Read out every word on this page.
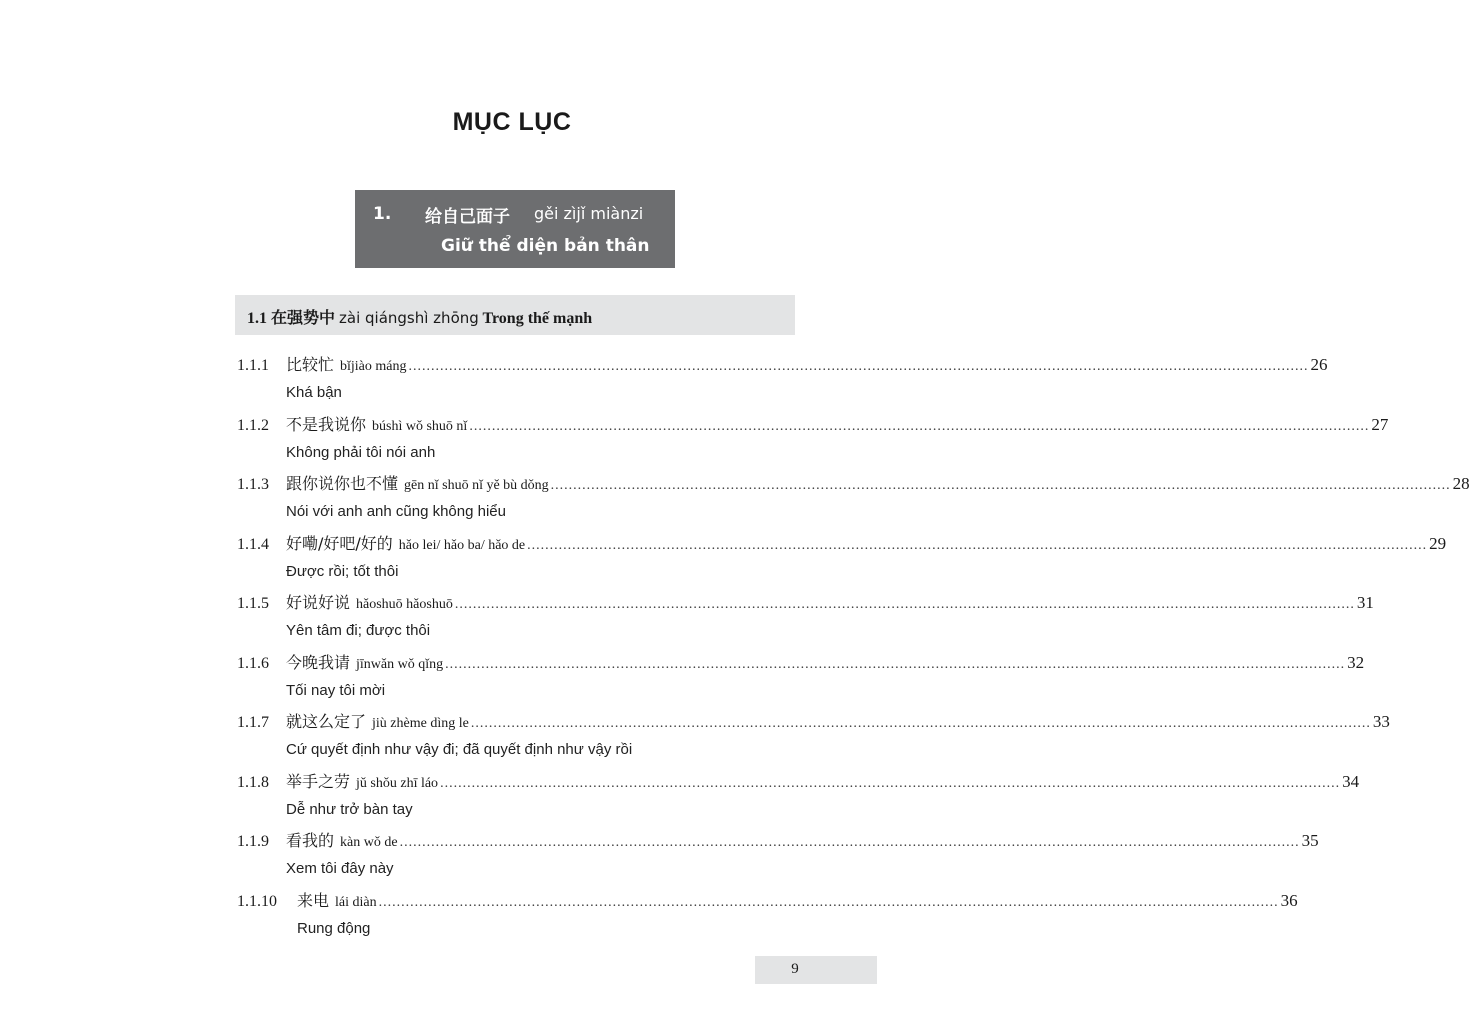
MỤC LỤC
1. 给自己面子 gěi zìjǐ miànzi
Giữ thể diện bản thân
1.1 在强势中 zài qiángshì zhōng Trong thế mạnh
1.1.1	比较忙 bǐjiào máng ........................................................................................................................................................................................................ 26
Khá bận
1.1.2	不是我说你 búshì wǒ shuō nǐ ........................................................................................................................................................................................................ 27
Không phải tôi nói anh
1.1.3	跟你说你也不懂 gēn nǐ shuō nǐ yě bù dǒng ........................................................................................................................................................................................................ 28
Nói với anh anh cũng không hiểu
1.1.4	好嘞/好吧/好的 hǎo lei/ hǎo ba/ hǎo de ........................................................................................................................................................................................................ 29
Được rồi; tốt thôi
1.1.5	好说好说 hǎoshuō hǎoshuō ........................................................................................................................................................................................................ 31
Yên tâm đi; được thôi
1.1.6	今晚我请 jīnwǎn wǒ qǐng ........................................................................................................................................................................................................ 32
Tối nay tôi mời
1.1.7	就这么定了 jiù zhème dìng le ........................................................................................................................................................................................................ 33
Cứ quyết định như vậy đi; đã quyết định như vậy rồi
1.1.8	举手之劳 jǔ shǒu zhī láo ........................................................................................................................................................................................................ 34
Dễ như trở bàn tay
1.1.9	看我的 kàn wǒ de ........................................................................................................................................................................................................ 35
Xem tôi đây này
1.1.10	来电 lái diàn ........................................................................................................................................................................................................ 36
Rung động
9
